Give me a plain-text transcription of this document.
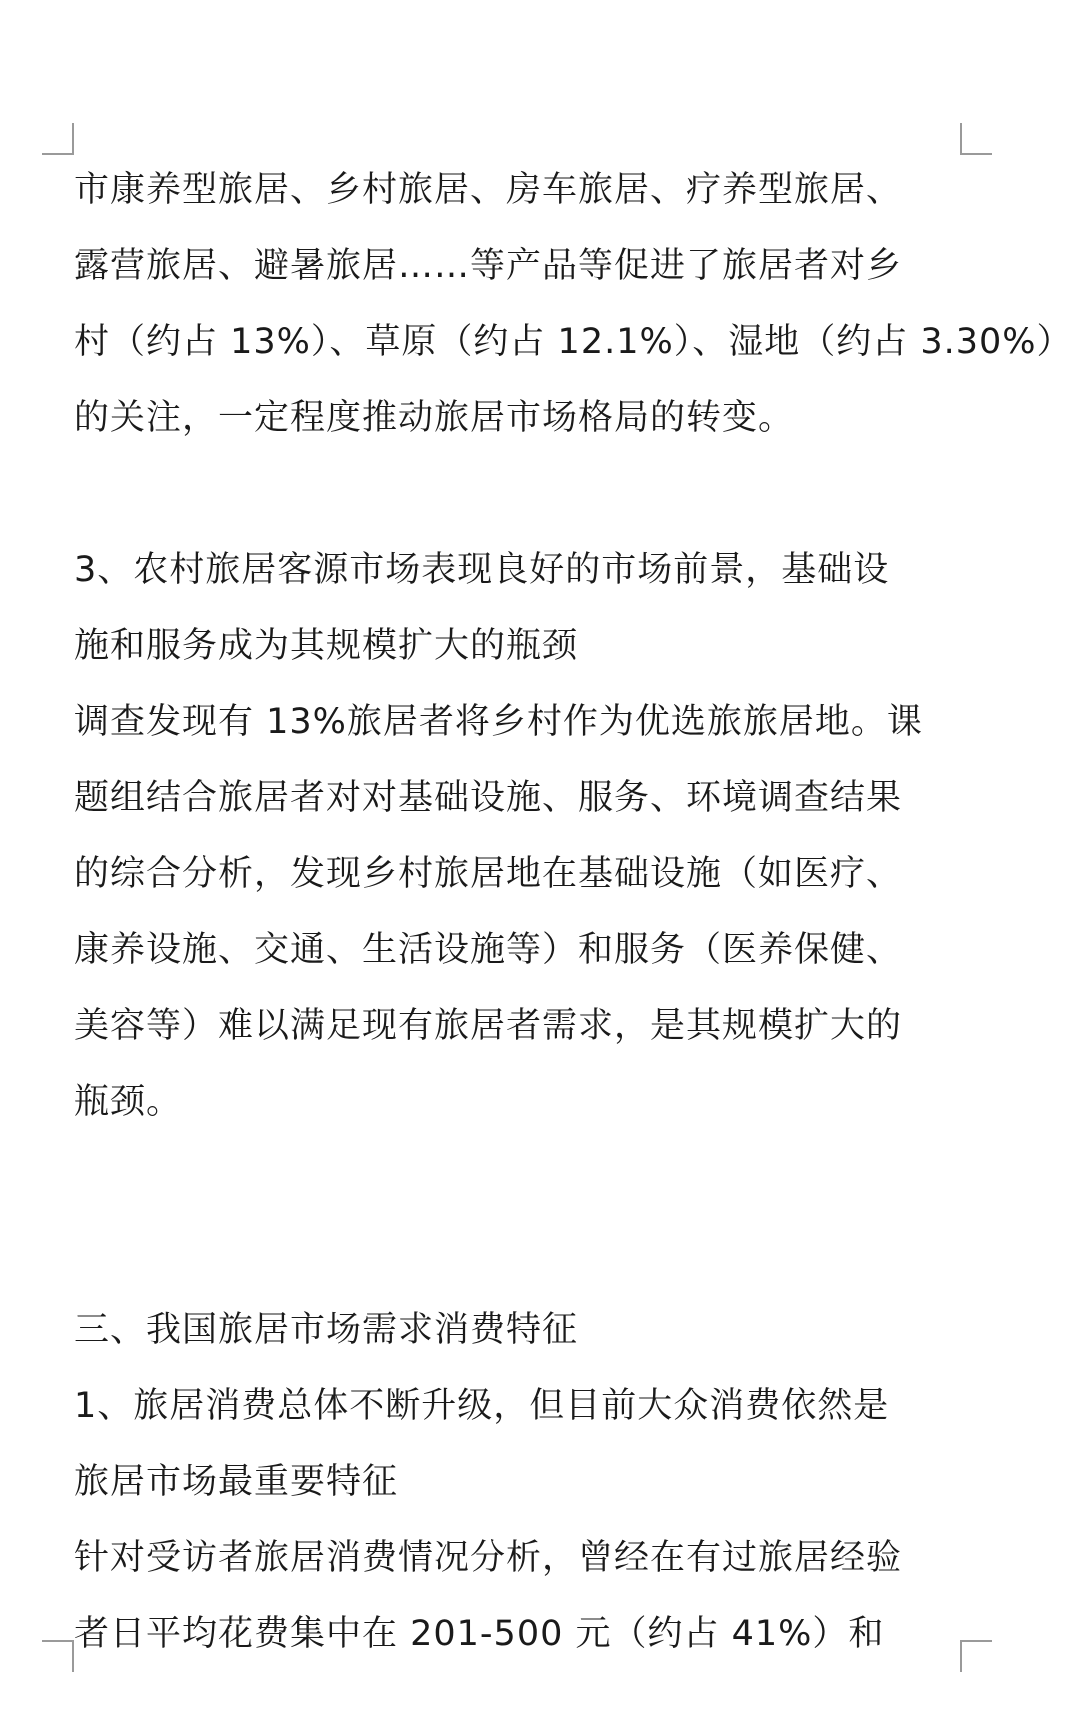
市康养型旅居、乡村旅居、房车旅居、疗养型旅居、
露营旅居、避暑旅居……等产品等促进了旅居者对乡
村（约占 13%）、草原（约占 12.1%）、湿地（约占 3.30%）
的关注，一定程度推动旅居市场格局的转变。
3、农村旅居客源市场表现良好的市场前景，基础设
施和服务成为其规模扩大的瓶颈
调查发现有 13%旅居者将乡村作为优选旅旅居地。课
题组结合旅居者对对基础设施、服务、环境调查结果
的综合分析，发现乡村旅居地在基础设施（如医疗、
康养设施、交通、生活设施等）和服务（医养保健、
美容等）难以满足现有旅居者需求，是其规模扩大的
瓶颈。
三、我国旅居市场需求消费特征
1、旅居消费总体不断升级，但目前大众消费依然是
旅居市场最重要特征
针对受访者旅居消费情况分析，曾经在有过旅居经验
者日平均花费集中在 201-500 元（约占 41%）和
